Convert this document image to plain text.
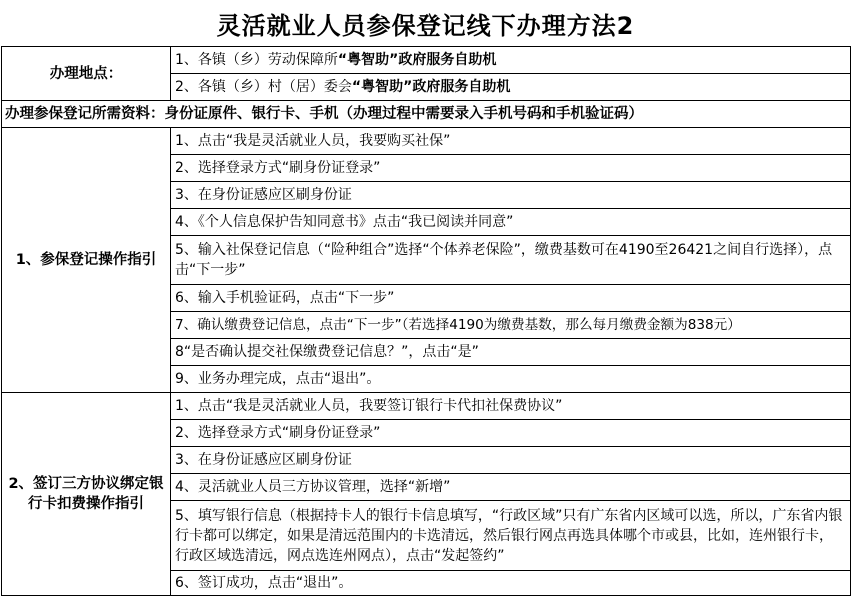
灵活就业人员参保登记线下办理方法2
办理地点：	1、各镇（乡）劳动保障所“粤智助”政府服务自助机
	2、各镇（乡）村（居）委会“粤智助”政府服务自助机
办理参保登记所需资料：身份证原件、银行卡、手机（办理过程中需要录入手机号码和手机验证码）	
1、参保登记操作指引	1、点击“我是灵活就业人员，我要购买社保”
	2、选择登录方式“刷身份证登录”
	3、在身份证感应区刷身份证
	4、《个人信息保护告知同意书》点击“我已阅读并同意”
	5、输入社保登记信息（“险种组合”选择“个体养老保险”，缴费基数可在4190至26421之间自行选择），点击“下一步”
	6、输入手机验证码，点击“下一步”
	7、确认缴费登记信息，点击“下一步”（若选择4190为缴费基数，那么每月缴费金额为838元）
	8“是否确认提交社保缴费登记信息？”，点击“是”
	9、业务办理完成，点击“退出”。
2、签订三方协议绑定银行卡扣费操作指引	1、点击“我是灵活就业人员，我要签订银行卡代扣社保费协议”
	2、选择登录方式“刷身份证登录”
	3、在身份证感应区刷身份证
	4、灵活就业人员三方协议管理，选择“新增”
	5、填写银行信息（根据持卡人的银行卡信息填写，“行政区域”只有广东省内区域可以选，所以，广东省内银行卡都可以绑定，如果是清远范围内的卡选清远，然后银行网点再选具体哪个市或县，比如，连州银行卡，行政区域选清远，网点选连州网点），点击“发起签约”
	6、签订成功，点击“退出”。
